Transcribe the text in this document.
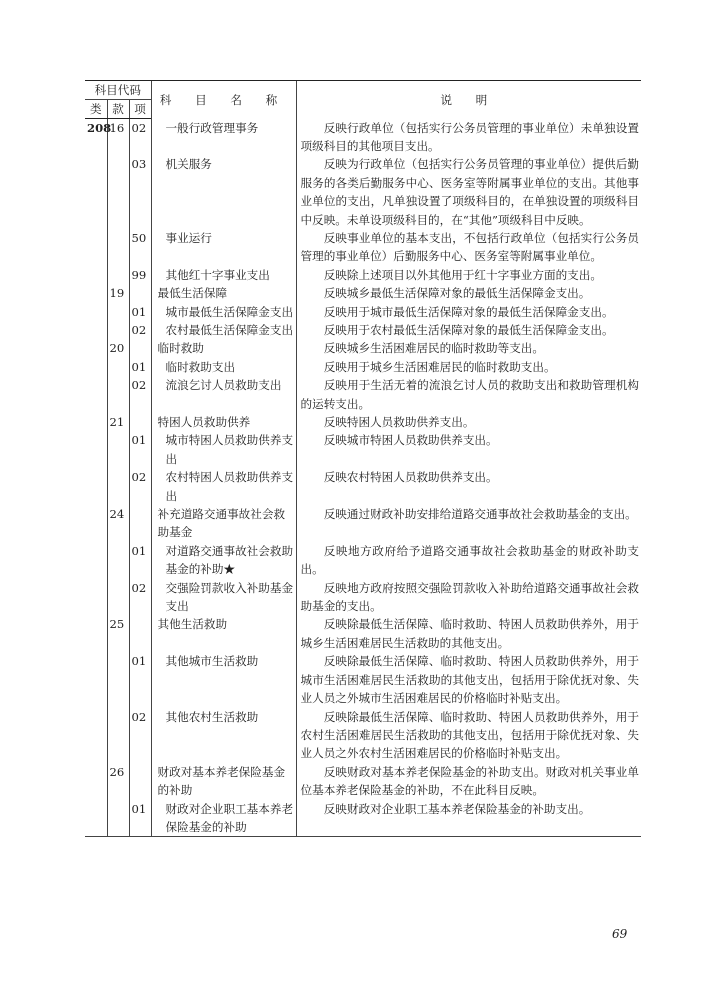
科目代码			科 目 名 称	说 明
类	款	项		
208	16	02	一般行政管理事务	反映行政单位（包括实行公务员管理的事业单位）未单独设置项级科目的其他项目支出。
		03	机关服务	反映为行政单位（包括实行公务员管理的事业单位）提供后勤服务的各类后勤服务中心、医务室等附属事业单位的支出。其他事业单位的支出，凡单独设置了项级科目的，在单独设置的项级科目中反映。未单设项级科目的，在“其他”项级科目中反映。
		50	事业运行	反映事业单位的基本支出，不包括行政单位（包括实行公务员管理的事业单位）后勤服务中心、医务室等附属事业单位。
		99	其他红十字事业支出	反映除上述项目以外其他用于红十字事业方面的支出。
	19		最低生活保障	反映城乡最低生活保障对象的最低生活保障金支出。
		01	城市最低生活保障金支出	反映用于城市最低生活保障对象的最低生活保障金支出。
		02	农村最低生活保障金支出	反映用于农村最低生活保障对象的最低生活保障金支出。
	20		临时救助	反映城乡生活困难居民的临时救助等支出。
		01	临时救助支出	反映用于城乡生活困难居民的临时救助支出。
		02	流浪乞讨人员救助支出	反映用于生活无着的流浪乞讨人员的救助支出和救助管理机构的运转支出。
	21		特困人员救助供养	反映特困人员救助供养支出。
		01	城市特困人员救助供养支出	反映城市特困人员救助供养支出。
		02	农村特困人员救助供养支出	反映农村特困人员救助供养支出。
	24		补充道路交通事故社会救助基金	反映通过财政补助安排给道路交通事故社会救助基金的支出。
		01	对道路交通事故社会救助基金的补助★	反映地方政府给予道路交通事故社会救助基金的财政补助支出。
		02	交强险罚款收入补助基金支出	反映地方政府按照交强险罚款收入补助给道路交通事故社会救助基金的支出。
	25		其他生活救助	反映除最低生活保障、临时救助、特困人员救助供养外，用于城乡生活困难居民生活救助的其他支出。
		01	其他城市生活救助	反映除最低生活保障、临时救助、特困人员救助供养外，用于城市生活困难居民生活救助的其他支出，包括用于除优抚对象、失业人员之外城市生活困难居民的价格临时补贴支出。
		02	其他农村生活救助	反映除最低生活保障、临时救助、特困人员救助供养外，用于农村生活困难居民生活救助的其他支出，包括用于除优抚对象、失业人员之外农村生活困难居民的价格临时补贴支出。
	26		财政对基本养老保险基金的补助	反映财政对基本养老保险基金的补助支出。财政对机关事业单位基本养老保险基金的补助，不在此科目反映。
		01	财政对企业职工基本养老保险基金的补助	反映财政对企业职工基本养老保险基金的补助支出。
69
